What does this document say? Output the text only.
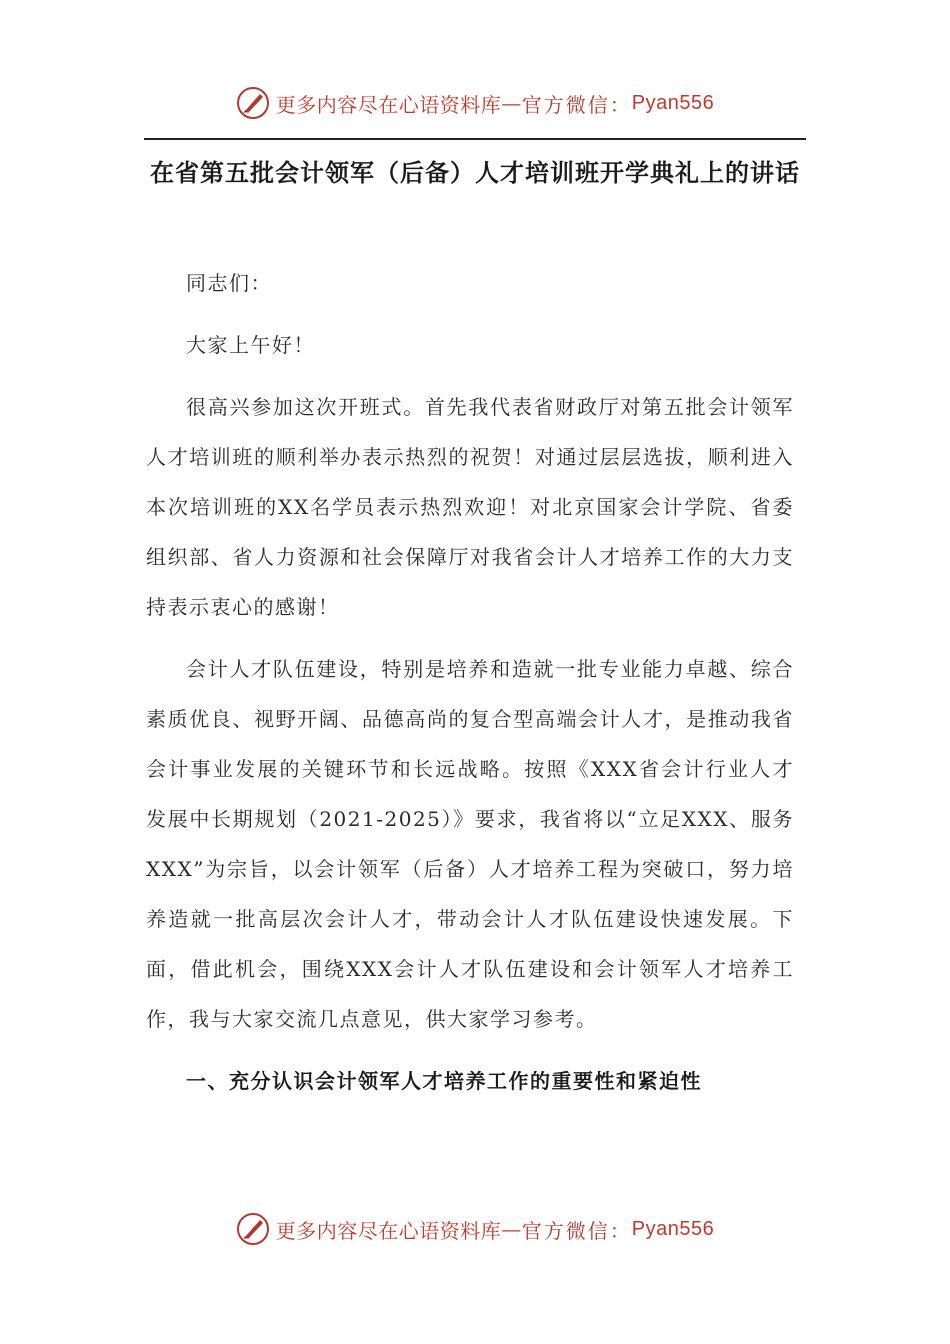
更多内容尽在心语资料库 — 官方微信： Pyan556
在省第五批会计领军（后备）人才培训班开学典礼上的讲话

同志们：

大家上午好！

很高兴参加这次开班式。首先我代表省财政厅对第五批会计领军人才培训班的顺利举办表示热烈的祝贺！对通过层层选拔，顺利进入本次培训班的XX名学员表示热烈欢迎！对北京国家会计学院、省委组织部、省人力资源和社会保障厅对我省会计人才培养工作的大力支持表示衷心的感谢！

会计人才队伍建设，特别是培养和造就一批专业能力卓越、综合素质优良、视野开阔、品德高尚的复合型高端会计人才，是推动我省会计事业发展的关键环节和长远战略。按照《XXX省会计行业人才发展中长期规划（2021-2025）》要求，我省将以“立足XXX、服务XXX”为宗旨，以会计领军（后备）人才培养工程为突破口，努力培养造就一批高层次会计人才，带动会计人才队伍建设快速发展。下面，借此机会，围绕XXX会计人才队伍建设和会计领军人才培养工作，我与大家交流几点意见，供大家学习参考。

一、充分认识会计领军人才培养工作的重要性和紧迫性

更多内容尽在心语资料库 — 官方微信： Pyan556
